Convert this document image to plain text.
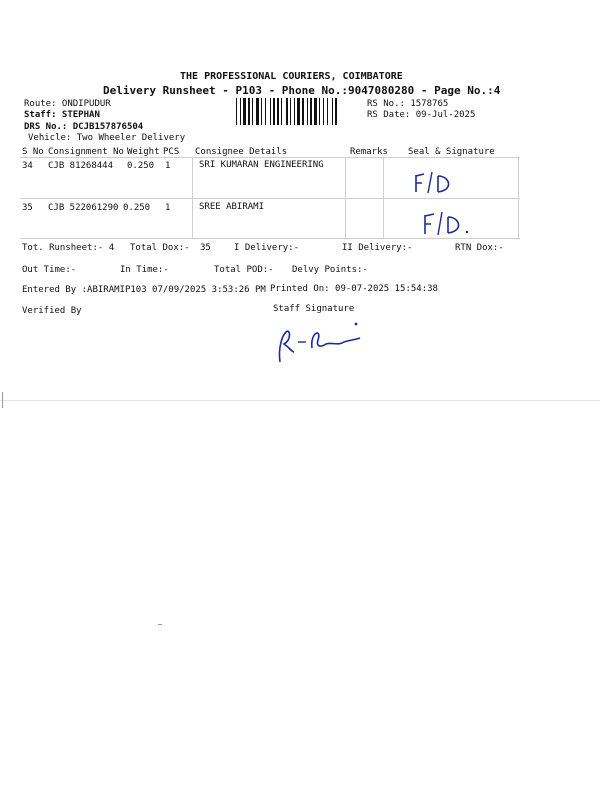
THE PROFESSIONAL COURIERS, COIMBATORE
Delivery Runsheet - P103 - Phone No.:9047080280 - Page No.:4
Route: ONDIPUDUR
Staff: STEPHAN
DRS No.: DCJB157876504
Vehicle: Two Wheeler Delivery
RS No.: 1578765
RS Date: 09-Jul-2025
S No Consignment No Weight PCS Consignee Details	Remarks Seal & Signature
34 CJB 81268444 0.250 1	SRI KUMARAN ENGINEERING
35 CJB 522061290 0.250 1	SREE ABIRAMI
Tot. Runsheet:- 4 Total Dox:- 35	I Delivery:-	II Delivery:-	RTN Dox:-
Out Time:-	In Time:-	Total POD:- Delvy Points:-
Entered By :ABIRAMIP103 07/09/2025 3:53:26 PM Printed On: 09-07-2025 15:54:38
Verified By	Staff Signature
